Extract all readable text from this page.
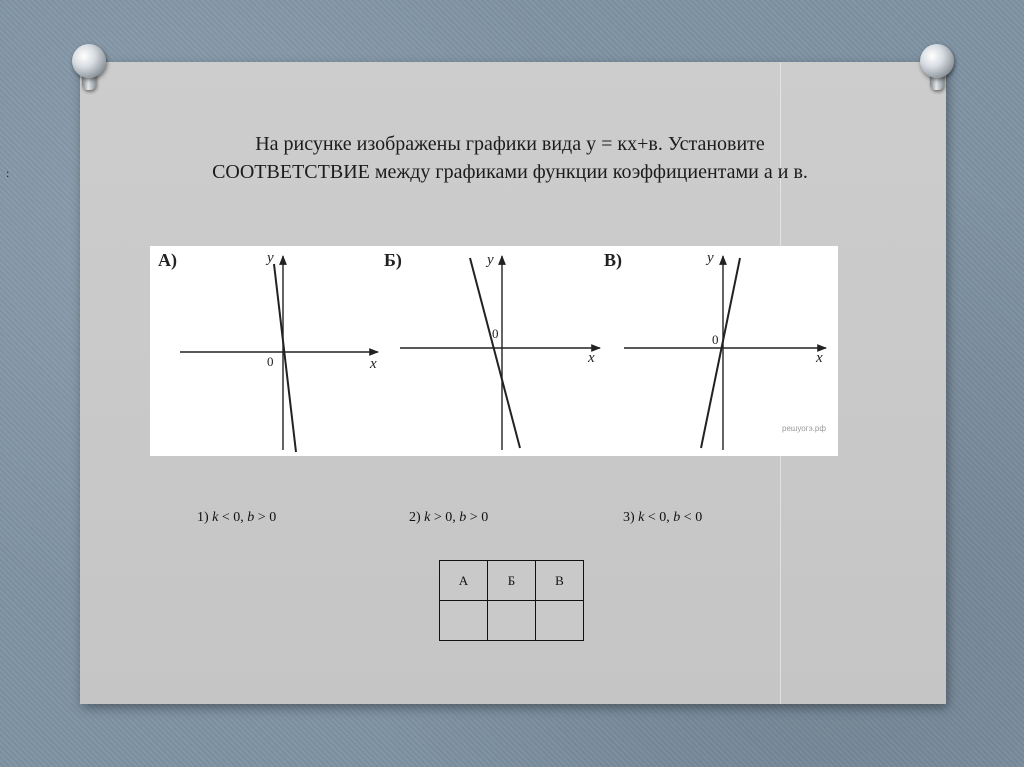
:
На рисунке изображены графики вида y = кx+в. Установите
СООТВЕТСТВИЕ между графиками функции коэффициентами а и в.
А)	y
x
0
Б)	y
x
0
В)	y
x
0
решуогэ.рф
1) k < 0, b > 0	2) k > 0, b > 0	3) k < 0, b < 0
А	Б	В
